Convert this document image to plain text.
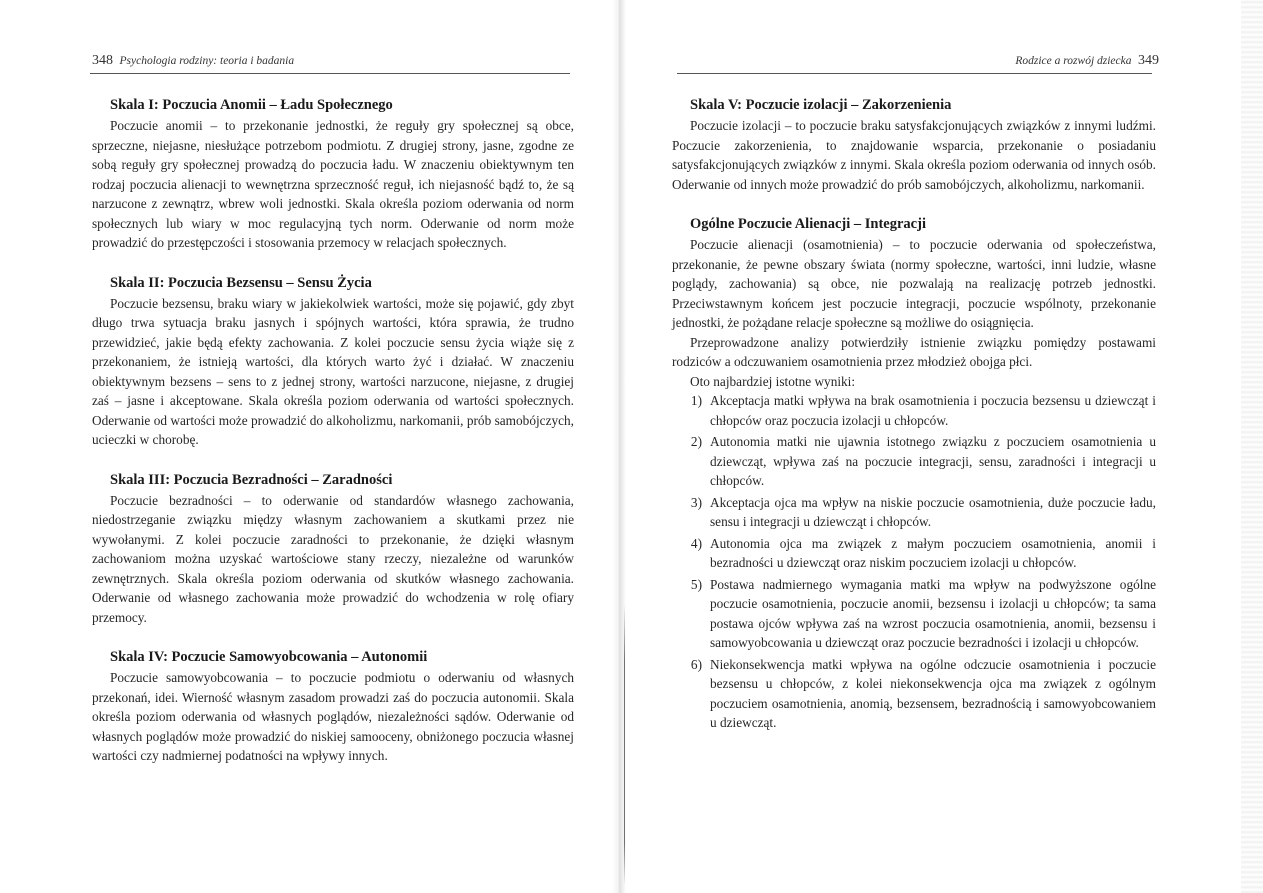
348 Psychologia rodziny: teoria i badania
Skala I: Poczucia Anomii – Ładu Społecznego

Poczucie anomii – to przekonanie jednostki, że reguły gry społecznej są obce, sprzeczne, niejasne, niesłużące potrzebom podmiotu. Z drugiej strony, jasne, zgodne ze sobą reguły gry społecznej prowadzą do poczucia ładu. W znaczeniu obiektywnym ten rodzaj poczucia alienacji to wewnętrzna sprzeczność reguł, ich niejasność bądź to, że są narzucone z zewnątrz, wbrew woli jednostki. Skala określa poziom oderwania od norm społecznych lub wiary w moc regulacyjną tych norm. Oderwanie od norm może prowadzić do przestępczości i stosowania przemocy w relacjach społecznych.

Skala II: Poczucia Bezsensu – Sensu Życia

Poczucie bezsensu, braku wiary w jakiekolwiek wartości, może się pojawić, gdy zbyt długo trwa sytuacja braku jasnych i spójnych wartości, która sprawia, że trudno przewidzieć, jakie będą efekty zachowania. Z kolei poczucie sensu życia wiąże się z przekonaniem, że istnieją wartości, dla których warto żyć i działać. W znaczeniu obiektywnym bezsens – sens to z jednej strony, wartości narzucone, niejasne, z drugiej zaś – jasne i akceptowane. Skala określa poziom oderwania od wartości społecznych. Oderwanie od wartości może prowadzić do alkoholizmu, narkomanii, prób samobójczych, ucieczki w chorobę.

Skala III: Poczucia Bezradności – Zaradności

Poczucie bezradności – to oderwanie od standardów własnego zachowania, niedostrzeganie związku między własnym zachowaniem a skutkami przez nie wywołanymi. Z kolei poczucie zaradności to przekonanie, że dzięki własnym zachowaniom można uzyskać wartościowe stany rzeczy, niezależne od warunków zewnętrznych. Skala określa poziom oderwania od skutków własnego zachowania. Oderwanie od własnego zachowania może prowadzić do wchodzenia w rolę ofiary przemocy.

Skala IV: Poczucie Samowyobcowania – Autonomii

Poczucie samowyobcowania – to poczucie podmiotu o oderwaniu od własnych przekonań, idei. Wierność własnym zasadom prowadzi zaś do poczucia autonomii. Skala określa poziom oderwania od własnych poglądów, niezależności sądów. Oderwanie od własnych poglądów może prowadzić do niskiej samooceny, obniżonego poczucia własnej wartości czy nadmiernej podatności na wpływy innych.

Rodzice a rozwój dziecka 349
Skala V: Poczucie izolacji – Zakorzenienia

Poczucie izolacji – to poczucie braku satysfakcjonujących związków z innymi ludźmi. Poczucie zakorzenienia, to znajdowanie wsparcia, przekonanie o posiadaniu satysfakcjonujących związków z innymi. Skala określa poziom oderwania od innych osób. Oderwanie od innych może prowadzić do prób samobójczych, alkoholizmu, narkomanii.

Ogólne Poczucie Alienacji – Integracji

Poczucie alienacji (osamotnienia) – to poczucie oderwania od społeczeństwa, przekonanie, że pewne obszary świata (normy społeczne, wartości, inni ludzie, własne poglądy, zachowania) są obce, nie pozwalają na realizację potrzeb jednostki. Przeciwstawnym końcem jest poczucie integracji, poczucie wspólnoty, przekonanie jednostki, że pożądane relacje społeczne są możliwe do osiągnięcia.

Przeprowadzone analizy potwierdziły istnienie związku pomiędzy postawami rodziców a odczuwaniem osamotnienia przez młodzież obojga płci.

Oto najbardziej istotne wyniki:

1) Akceptacja matki wpływa na brak osamotnienia i poczucia bezsensu u dziewcząt i chłopców oraz poczucia izolacji u chłopców.
2) Autonomia matki nie ujawnia istotnego związku z poczuciem osamotnienia u dziewcząt, wpływa zaś na poczucie integracji, sensu, zaradności i integracji u chłopców.
3) Akceptacja ojca ma wpływ na niskie poczucie osamotnienia, duże poczucie ładu, sensu i integracji u dziewcząt i chłopców.
4) Autonomia ojca ma związek z małym poczuciem osamotnienia, anomii i bezradności u dziewcząt oraz niskim poczuciem izolacji u chłopców.
5) Postawa nadmiernego wymagania matki ma wpływ na podwyższone ogólne poczucie osamotnienia, poczucie anomii, bezsensu i izolacji u chłopców; ta sama postawa ojców wpływa zaś na wzrost poczucia osamotnienia, anomii, bezsensu i samowyobcowania u dziewcząt oraz poczucie bezradności i izolacji u chłopców.
6) Niekonsekwencja matki wpływa na ogólne odczucie osamotnienia i poczucie bezsensu u chłopców, z kolei niekonsekwencja ojca ma związek z ogólnym poczuciem osamotnienia, anomią, bezsensem, bezradnością i samowyobcowaniem u dziewcząt.
